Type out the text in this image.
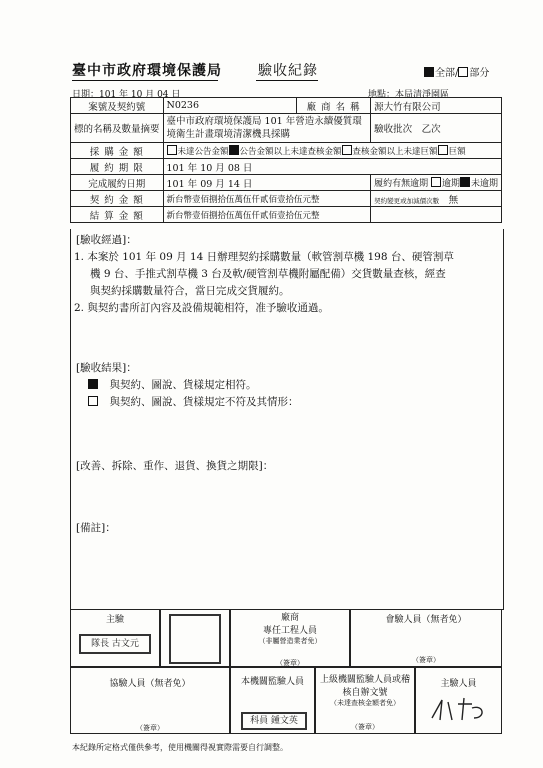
臺中市政府環境保護局	驗收紀錄	全部/ 部分
日期：101 年 10 月 04 日	地點：本局清淨園區
案號及契約號	N0236	廠 商 名 稱	源大竹有限公司
標的名稱及數量摘要	臺中市政府環境保護局 101 年營造永續優質環境衛生計畫環境清潔機具採購		驗收批次　 乙次
採 購 金 額	未達公告金額 公告金額以上未達查核金額 查核金額以上未達巨額 巨額		
履 約 期 限	101 年 10 月 08 日		
完成履約日期	101 年 09 月 14 日		履約有無逾期 逾期 未逾期
契 約 金 額	新台幣壹佰捌拾伍萬伍仟貳佰壹拾伍元整		契約變更或加減價次數　 無
結 算 金 額	新台幣壹佰捌拾伍萬伍仟貳佰壹拾伍元整		
[驗收經過]：
1. 本案於 101 年 09 月 14 日辦理契約採購數量（軟管割草機 198 台、硬管割草
機 9 台、手推式割草機 3 台及軟/硬管割草機附屬配備）交貨數量查核，經查
與契約採購數量符合，當日完成交貨履約。
2. 與契約書所訂內容及設備規範相符，准予驗收通過。
[驗收結果]：
　與契約、圖說、貨樣規定相符。
　與契約、圖說、貨樣規定不符及其情形：
[改善、拆除、重作、退貨、換貨之期限]：
[備註]：
主驗
隊長 古文元
廠商
專任工程人員
（非屬營造業者免）
（簽章）
會驗人員（無者免）
（簽章）
協驗人員（無者免）
（簽章）
本機關監驗人員
科員 鍾文英
上級機關監驗人員或稽核自辦文號
（未達查核金額者免）
（簽章）
主驗人員
本紀錄所定格式僅供參考，使用機關得視實際需要自行調整。
